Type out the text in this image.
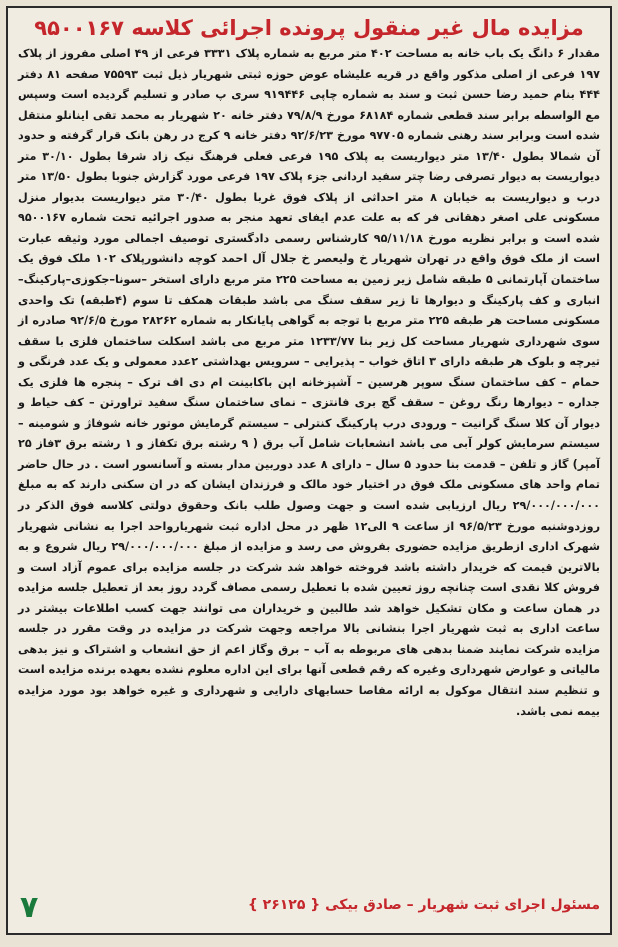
مزایده مال غیر منقول پرونده اجرائی کلاسه ۹۵۰۰۱۶۷

مقدار ۶ دانگ یک باب خانه به مساحت ۴۰۲ متر مربع به شماره پلاک ۳۳۳۱ فرعی از ۴۹ اصلی مفروز از پلاک ۱۹۷ فرعی از اصلی مذکور واقع در قریه علیشاه عوض حوزه ثبتی شهریار ذیل ثبت ۷۵۵۹۳ صفحه ۸۱ دفتر ۴۴۴ بنام حمید رضا حسن ثبت و سند به شماره چاپی ۹۱۹۴۴۶ سری پ صادر و تسلیم گردیده است وسپس مع الواسطه برابر سند قطعی شماره ۶۸۱۸۴ مورخ ۷۹/۸/۹ دفتر خانه ۲۰ شهریار به محمد تقی اینانلو منتقل شده است وبرابر سند رهنی شماره ۹۷۷۰۵ مورخ ۹۲/۶/۲۳ دفتر خانه ۹ کرج در رهن بانک قرار گرفته و حدود آن شمالا بطول ۱۳/۴۰ متر دیواریست به پلاک ۱۹۵ فرعی فعلی فرهنگ نیک زاد شرقا بطول ۳۰/۱۰ متر دیواریست به دیوار تصرفی رضا چتر سفید اردانی جزء پلاک ۱۹۷ فرعی مورد گزارش جنوبا بطول ۱۳/۵۰ متر درب و دیواریست به خیابان ۸ متر احداثی از پلاک فوق غربا بطول ۳۰/۴۰ متر دیواریست بدیوار منزل مسکونی علی اصغر دهقانی فر که به علت عدم ایفای تعهد منجر به صدور اجرائیه تحت شماره ۹۵۰۰۱۶۷ شده است و برابر نظریه مورخ ۹۵/۱۱/۱۸ کارشناس رسمی دادگستری توصیف اجمالی مورد وثیقه عبارت است از ملک فوق واقع در تهران شهریار خ ولیعصر خ جلال آل احمد کوچه دانشورپلاک ۱۰۲ ملک فوق یک ساختمان آپارتمانی ۵ طبقه شامل زیر زمین به مساحت ۲۲۵ متر مربع دارای استخر –سونا–جکوزی–پارکینگ–انباری و کف پارکینگ و دیوارها تا زیر سقف سنگ می باشد طبقات همکف تا سوم (۴طبقه) تک واحدی مسکونی مساحت هر طبقه ۲۲۵ متر مربع با توجه به گواهی پایانکار به شماره ۲۸۲۶۲ مورخ ۹۲/۶/۵ صادره از سوی شهرداری شهریار مساحت کل زیر بنا ۱۲۳۳/۷۷ متر مربع می باشد اسکلت ساختمان فلزی با سقف تیرچه و بلوک هر طبقه دارای ۳ اتاق خواب – پذیرایی – سرویس بهداشتی ۲عدد معمولی و یک عدد فرنگی و حمام – کف ساختمان سنگ سوپر هرسین – آشپزخانه اپن باکابینت ام دی اف ترک – پنجره ها فلزی یک جداره – دیوارها رنگ روغن – سقف گچ بری فانتزی – نمای ساختمان سنگ سفید تراورتن – کف حیاط و دیوار آن کلا سنگ گرانیت – ورودی درب پارکینگ کنترلی – سیستم گرمایش موتور خانه شوفاژ و شومینه – سیستم سرمایش کولر آبی می باشد انشعابات شامل آب برق ( ۹ رشته برق تکفاز و ۱ رشته برق ۳فاز ۲۵ آمپر) گاز و تلفن – قدمت بنا حدود ۵ سال – دارای ۸ عدد دوربین مدار بسته و آسانسور است . در حال حاضر تمام واحد های مسکونی ملک فوق در اختیار خود مالک و فرزندان ایشان که در ان سکنی دارند که به مبلغ ۲۹/۰۰۰/۰۰۰/۰۰۰ ریال ارزیابی شده است و جهت وصول طلب بانک وحقوق دولتی کلاسه فوق الذکر در روزدوشنبه مورخ ۹۶/۵/۲۳ از ساعت ۹ الی۱۲ ظهر در محل اداره ثبت شهریارواحد اجرا به نشانی شهریار شهرک اداری ازطریق مزایده حضوری بفروش می رسد و مزایده از مبلغ ۲۹/۰۰۰/۰۰۰/۰۰۰ ریال شروع و به بالاترین قیمت که خریدار داشته باشد فروخته خواهد شد شرکت در جلسه مزایده برای عموم آزاد است و فروش کلا نقدی است چنانچه روز تعیین شده با تعطیل رسمی مصاف گردد روز بعد از تعطیل جلسه مزایده در همان ساعت و مکان تشکیل خواهد شد طالبین و خریداران می توانند جهت کسب اطلاعات بیشتر در ساعت اداری به ثبت شهریار اجرا بنشانی بالا مراجعه وجهت شرکت در مزایده در وقت مقرر در جلسه مزایده شرکت نمایند ضمنا بدهی های مربوطه به آب – برق وگاز اعم از حق انشعاب و اشتراک و نیز بدهی مالیاتی و عوارض شهرداری وغیره که رقم قطعی آنها برای این اداره معلوم نشده بعهده برنده مزایده است و تنظیم سند انتقال موکول به ارائه مفاصا حسابهای دارایی و شهرداری و غیره خواهد بود مورد مزایده بیمه نمی باشد.

مسئول اجرای ثبت شهریار – صادق بیکی { ۲۶۱۲۵ }
۷
